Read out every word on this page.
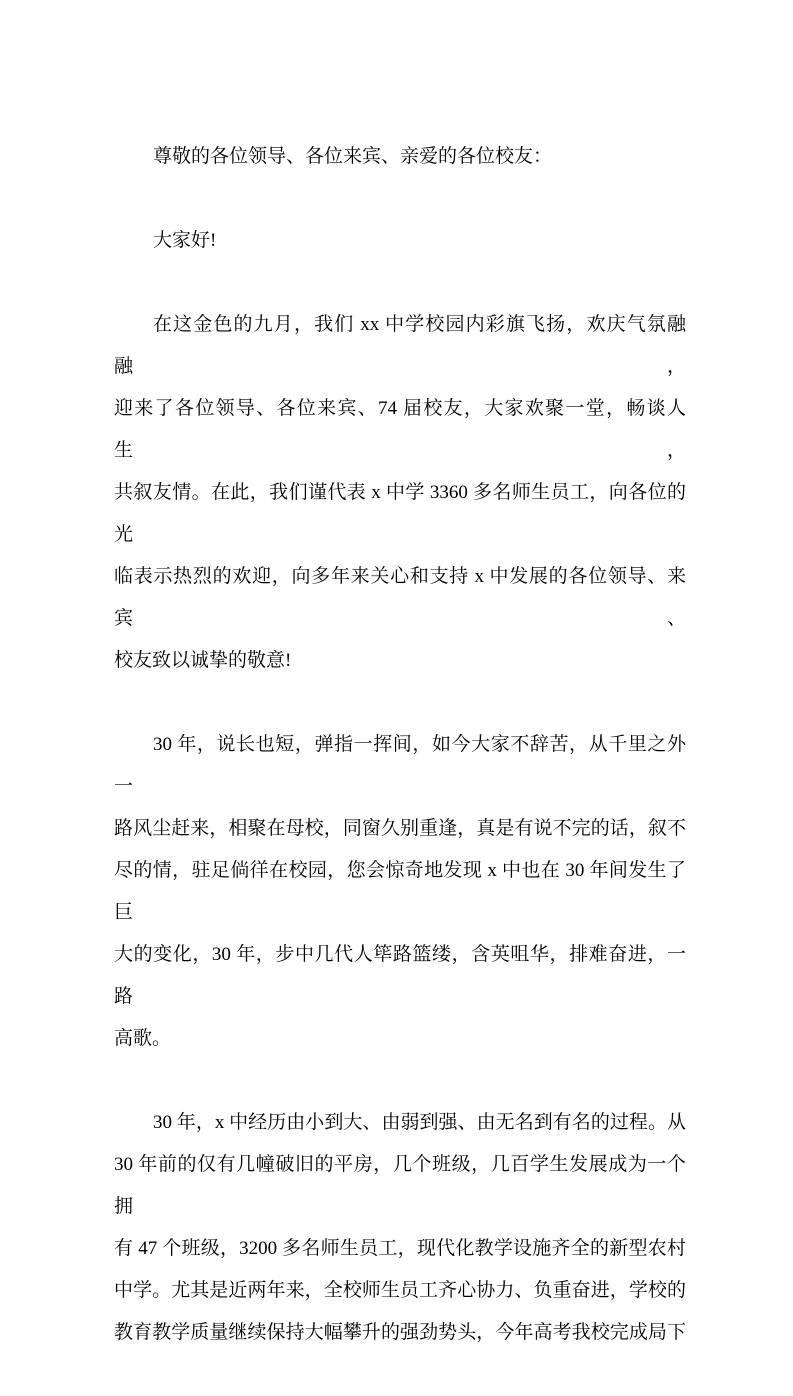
尊敬的各位领导、各位来宾、亲爱的各位校友：
大家好!
在这金色的九月，我们 xx 中学校园内彩旗飞扬，欢庆气氛融融，
迎来了各位领导、各位来宾、74 届校友，大家欢聚一堂，畅谈人生，
共叙友情。在此，我们谨代表 x 中学 3360 多名师生员工，向各位的光
临表示热烈的欢迎，向多年来关心和支持 x 中发展的各位领导、来宾、
校友致以诚挚的敬意!
30 年，说长也短，弹指一挥间，如今大家不辞苦，从千里之外一
路风尘赶来，相聚在母校，同窗久别重逢，真是有说不完的话，叙不
尽的情，驻足倘徉在校园，您会惊奇地发现 x 中也在 30 年间发生了巨
大的变化，30 年，步中几代人筚路篮缕，含英咀华，排难奋进，一路
高歌。
30 年，x 中经历由小到大、由弱到强、由无名到有名的过程。从
30 年前的仅有几幢破旧的平房，几个班级，几百学生发展成为一个拥
有 47 个班级，3200 多名师生员工，现代化教学设施齐全的新型农村
中学。尤其是近两年来，全校师生员工齐心协力、负重奋进，学校的
教育教学质量继续保持大幅攀升的强劲势头，今年高考我校完成局下
